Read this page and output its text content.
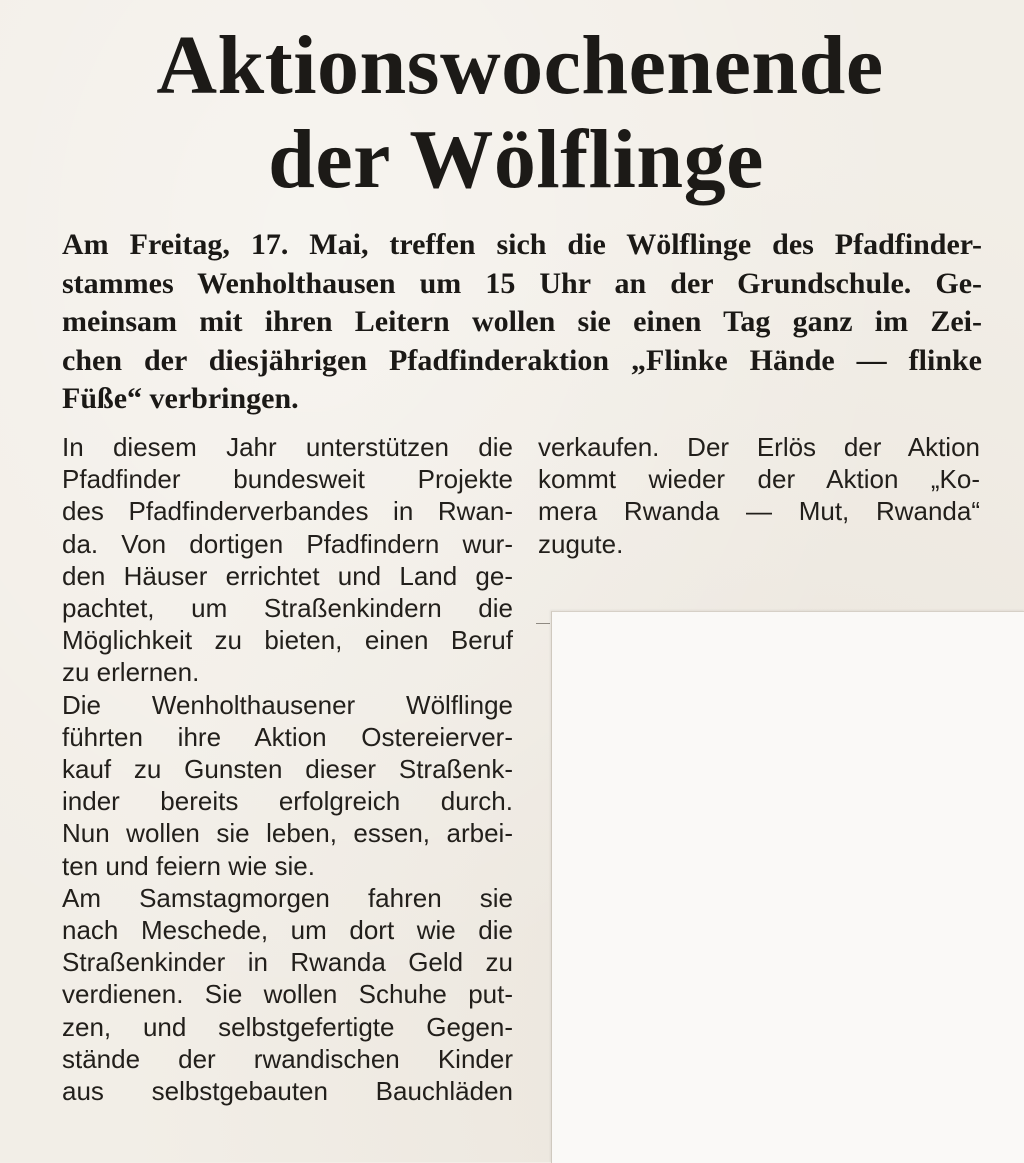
Aktionswochenende
der Wölflinge
Am Freitag, 17. Mai, treffen sich die Wölflinge des Pfadfinder-
stammes Wenholthausen um 15 Uhr an der Grundschule. Ge-
meinsam mit ihren Leitern wollen sie einen Tag ganz im Zei-
chen der diesjährigen Pfadfinderaktion „Flinke Hände — flinke
Füße“ verbringen.
In diesem Jahr unterstützen die
Pfadfinder bundesweit Projekte
des Pfadfinderverbandes in Rwan-
da. Von dortigen Pfadfindern wur-
den Häuser errichtet und Land ge-
pachtet, um Straßenkindern die
Möglichkeit zu bieten, einen Beruf
zu erlernen.
Die Wenholthausener Wölflinge
führten ihre Aktion Ostereierver-
kauf zu Gunsten dieser Straßenk-
inder bereits erfolgreich durch.
Nun wollen sie leben, essen, arbei-
ten und feiern wie sie.
Am Samstagmorgen fahren sie
nach Meschede, um dort wie die
Straßenkinder in Rwanda Geld zu
verdienen. Sie wollen Schuhe put-
zen, und selbstgefertigte Gegen-
stände der rwandischen Kinder
aus selbstgebauten Bauchläden
verkaufen. Der Erlös der Aktion
kommt wieder der Aktion „Ko-
mera Rwanda — Mut, Rwanda“
zugute.
